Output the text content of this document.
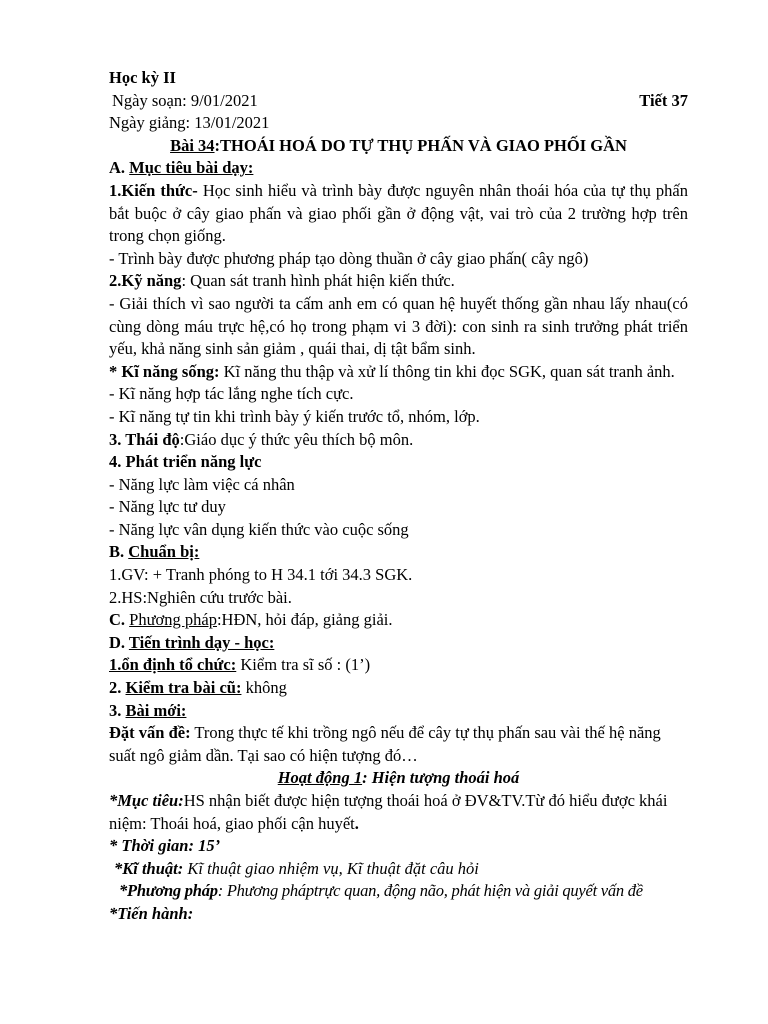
Học kỳ II
Ngày soạn: 9/01/2021	Tiết 37
Ngày giảng: 13/01/2021
Bài 34:THOÁI HOÁ DO TỰ THỤ PHẤN VÀ GIAO PHỐI GẦN
A. Mục tiêu bài dạy:
1.Kiến thức- Học sinh hiểu và trình bày được nguyên nhân thoái hóa của tự thụ phấn bắt buộc ở cây giao phấn và giao phối gần ở động vật, vai trò của 2 trường hợp trên trong chọn giống.
- Trình bày được phương pháp tạo dòng thuần ở cây giao phấn( cây ngô)
2.Kỹ năng: Quan sát tranh hình phát hiện kiến thức.
- Giải thích vì sao người ta cấm anh em có quan hệ huyết thống gần nhau lấy nhau(có cùng dòng máu trực hệ,có họ trong phạm vi 3 đời): con sinh ra sinh trưởng phát triển yếu, khả năng sinh sản giảm , quái thai, dị tật bẩm sinh.
* Kĩ năng sống: Kĩ năng thu thập và xử lí thông tin khi đọc SGK, quan sát tranh ảnh.
- Kĩ năng hợp tác lắng nghe tích cực.
- Kĩ năng tự tin khi trình bày ý kiến trước tổ, nhóm, lớp.
3. Thái độ:Giáo dục ý thức yêu thích bộ môn.
4. Phát triển năng lực
- Năng lực làm việc cá nhân
- Năng lực tư duy
- Năng lực vân dụng kiến thức vào cuộc sống
B. Chuẩn bị:
1.GV: + Tranh phóng to H 34.1 tới 34.3 SGK.
2.HS:Nghiên cứu trước bài.
C. Phương pháp:HĐN, hỏi đáp, giảng giải.
D. Tiến trình dạy - học:
1.ổn định tổ chức: Kiểm tra sĩ số : (1’)
2. Kiểm tra bài cũ: không
3. Bài mới:
Đặt vấn đề: Trong thực tế khi trồng ngô nếu để cây tự thụ phấn sau vài thế hệ năng suất ngô giảm dần. Tại sao có hiện tượng đó…
Hoạt động 1: Hiện tượng thoái hoá
*Mục tiêu:HS nhận biết được hiện tượng thoái hoá ở ĐV&TV.Từ đó hiểu được khái niệm: Thoái hoá, giao phối cận huyết.
* Thời gian: 15’
*Kĩ thuật: Kĩ thuật giao nhiệm vụ, Kĩ thuật đặt câu hỏi
*Phương pháp: Phương pháptrực quan, động não, phát hiện và giải quyết vấn đề
*Tiến hành:
